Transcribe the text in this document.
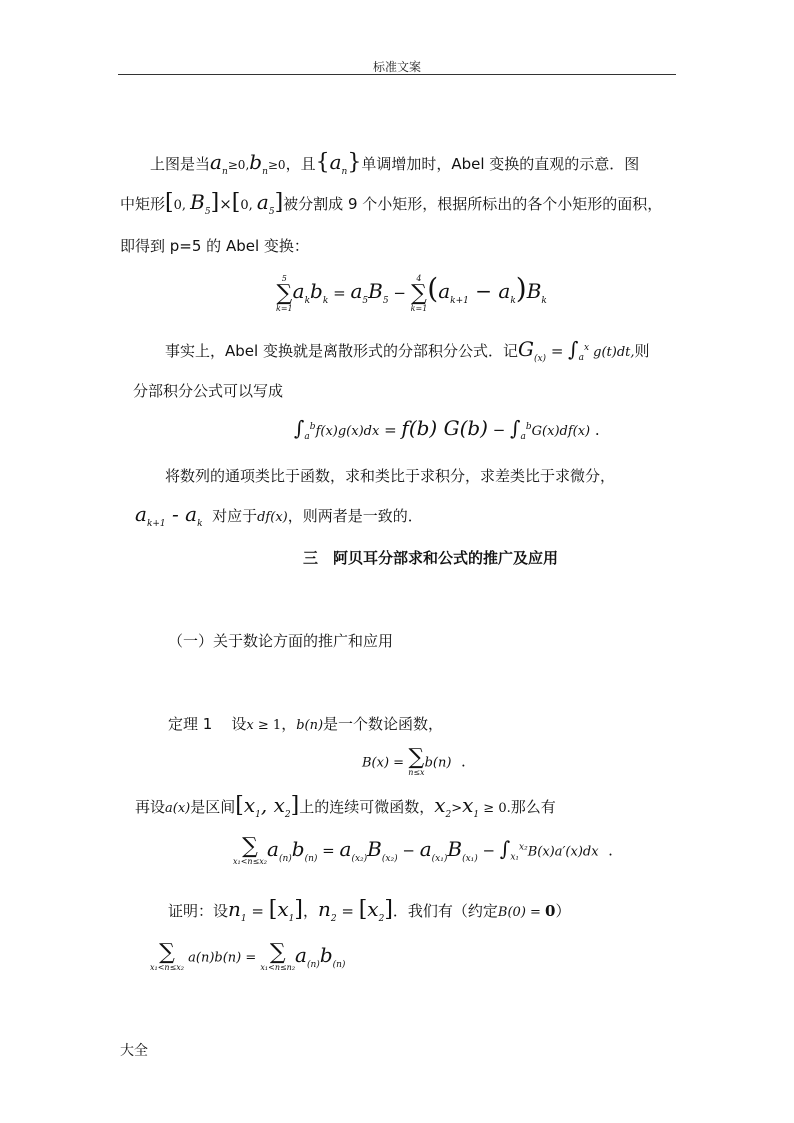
标准文案
上图是当$a_n\ge 0,b_n\ge 0$，且$\{a_n\}$单调增加时，Abel 变换的直观的示意．图
中矩形[0, $B_5]\times[0$, $a_5$]被分割成 9 个小矩形，根据所标出的各个小矩形的面积，
即得到 p=5 的 Abel 变换：
5
∑
k=1
$a_kb_k = a_5B_5$ −
4
∑
k=1
$(a_{k+1} - a_k)B_k$
事实上，Abel 变换就是离散形式的分部积分公式．记$G_{(x)} = \int_a^x$ g(t)dt,则
分部积分公式可以写成
$\int_a^bf(x)g(x)dx = f(b) G(b) - \int_a^bG(x)df(x)$ .
将数列的通项类比于函数，求和类比于求积分，求差类比于求微分，
$a_{k+1} - a_k$ 对应于df(x)，则两者是一致的．
三　阿贝耳分部求和公式的推广及应用
（一）关于数论方面的推广和应用
定理 1 设x ≥ 1，b(n)是一个数论函数，
B(x) = ∑
n≤x
b(n)  .
再设a(x)是区间[$x_1$, $x_2$]上的连续可微函数，$x_2>x_1 \ge 0$.那么有
∑
x₁<n≤x₂
$a_{(n)}b_{(n)} = a_{(x_2)}B_{(x_2)} - a_{(x_1)}B_{(x_1)} - \int_{x_1}^{x_2}B(x)a'(x)dx$  .
证明：设$n_1 = [x_1]$，$n_2 = [x_2]$．我们有（约定B(0) = 0）
∑
x₁<n≤x₂
a(n)b(n) = ∑
x₁<n≤n₂
$a_{(n)}b_{(n)}$
大全
